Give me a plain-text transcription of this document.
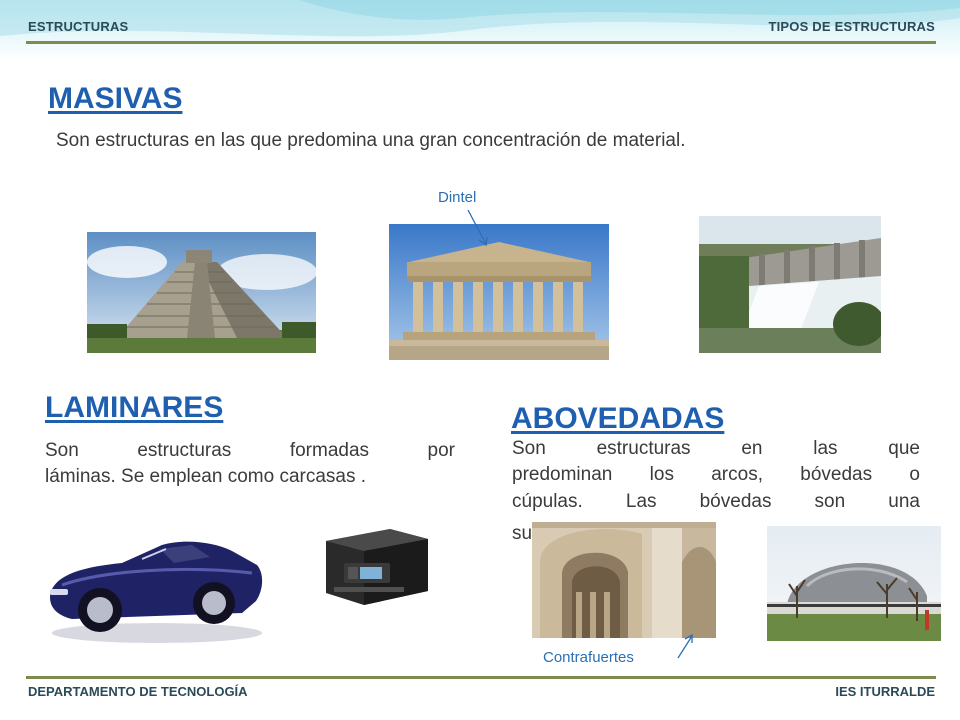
ESTRUCTURAS	TIPOS DE ESTRUCTURAS
MASIVAS
Son estructuras en las que predomina una gran concentración de material.
Dintel
LAMINARES
Son estructuras formadas por
láminas. Se emplean como carcasas .
ABOVEDADAS
Son estructuras en las que
predominan los arcos, bóvedas o
cúpulas. Las bóvedas son una
su
Contrafuertes
DEPARTAMENTO DE TECNOLOGÍA	IES ITURRALDE
